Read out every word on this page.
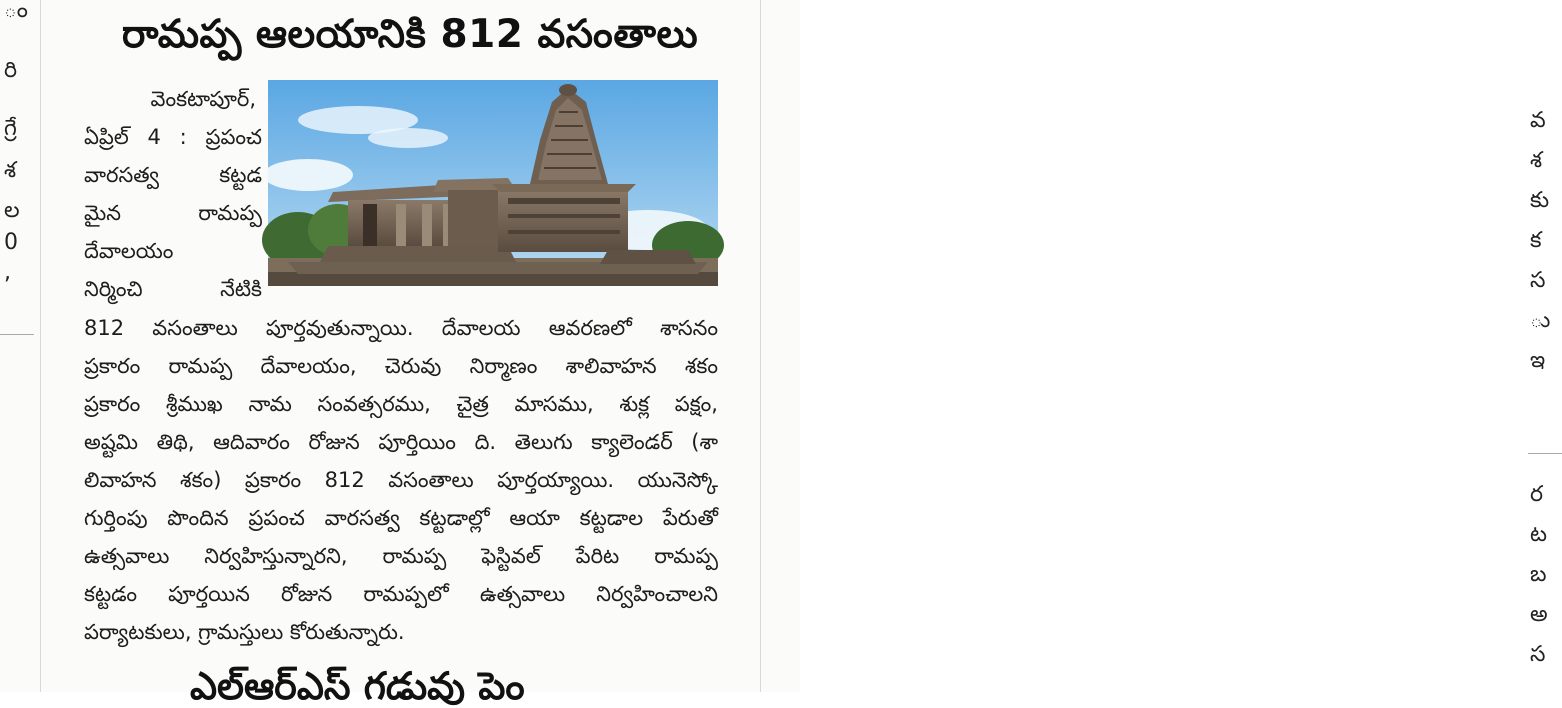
ం
రి
గ్రే
శ
ల
0
,
రామప్ప ఆలయానికి 812 వసంతాలు
వెంకటాపూర్,
ఏప్రిల్ 4 : ప్రపంచ
వారసత్వ కట్టడ
మైన రామప్ప
దేవాలయం
నిర్మించి నేటికి
812 వసంతాలు పూర్తవుతున్నాయి. దేవాలయ ఆవరణలో శాసనం
ప్రకారం రామప్ప దేవాలయం, చెరువు నిర్మాణం శాలివాహన శకం
ప్రకారం శ్రీముఖ నామ సంవత్సరము, చైత్ర మాసము, శుక్ల పక్షం,
అష్టమి తిథి, ఆదివారం రోజున పూర్తియిం ది. తెలుగు క్యాలెండర్ (శా
లివాహన శకం) ప్రకారం 812 వసంతాలు పూర్తయ్యాయి. యునెస్కో
గుర్తింపు పొందిన ప్రపంచ వారసత్వ కట్టడాల్లో ఆయా కట్టడాల పేరుతో
ఉత్సవాలు నిర్వహిస్తున్నారని, రామప్ప ఫెస్టివల్ పేరిట రామప్ప
కట్టడం పూర్తయిన రోజున రామప్పలో ఉత్సవాలు నిర్వహించాలని
పర్యాటకులు, గ్రామస్తులు కోరుతున్నారు.
ఎల్‌ఆర్‌ఎస్ గడువు పెం
వ
శ
కు
క
స
ు
ఇ
ర
ట
బ
అ
స
